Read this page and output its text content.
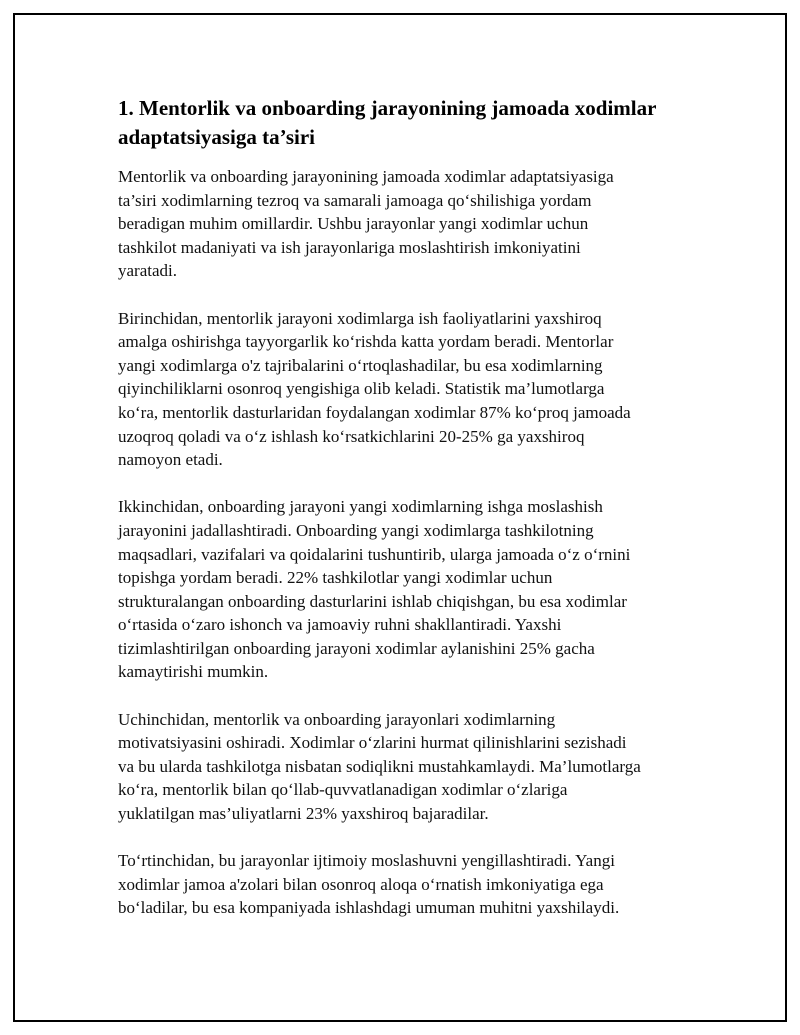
1. Mentorlik va onboarding jarayonining jamoada xodimlar
adaptatsiyasiga ta’siri

Mentorlik va onboarding jarayonining jamoada xodimlar adaptatsiyasiga
ta’siri xodimlarning tezroq va samarali jamoaga qo‘shilishiga yordam
beradigan muhim omillardir. Ushbu jarayonlar yangi xodimlar uchun
tashkilot madaniyati va ish jarayonlariga moslashtirish imkoniyatini
yaratadi.

Birinchidan, mentorlik jarayoni xodimlarga ish faoliyatlarini yaxshiroq
amalga oshirishga tayyorgarlik ko‘rishda katta yordam beradi. Mentorlar
yangi xodimlarga o'z tajribalarini o‘rtoqlashadilar, bu esa xodimlarning
qiyinchiliklarni osonroq yengishiga olib keladi. Statistik ma’lumotlarga
ko‘ra, mentorlik dasturlaridan foydalangan xodimlar 87% ko‘proq jamoada
uzoqroq qoladi va o‘z ishlash ko‘rsatkichlarini 20-25% ga yaxshiroq
namoyon etadi.

Ikkinchidan, onboarding jarayoni yangi xodimlarning ishga moslashish
jarayonini jadallashtiradi. Onboarding yangi xodimlarga tashkilotning
maqsadlari, vazifalari va qoidalarini tushuntirib, ularga jamoada o‘z o‘rnini
topishga yordam beradi. 22% tashkilotlar yangi xodimlar uchun
strukturalangan onboarding dasturlarini ishlab chiqishgan, bu esa xodimlar
o‘rtasida o‘zaro ishonch va jamoaviy ruhni shakllantiradi. Yaxshi
tizimlashtirilgan onboarding jarayoni xodimlar aylanishini 25% gacha
kamaytirishi mumkin.

Uchinchidan, mentorlik va onboarding jarayonlari xodimlarning
motivatsiyasini oshiradi. Xodimlar o‘zlarini hurmat qilinishlarini sezishadi
va bu ularda tashkilotga nisbatan sodiqlikni mustahkamlaydi. Ma’lumotlarga
ko‘ra, mentorlik bilan qo‘llab-quvvatlanadigan xodimlar o‘zlariga
yuklatilgan mas’uliyatlarni 23% yaxshiroq bajaradilar.

To‘rtinchidan, bu jarayonlar ijtimoiy moslashuvni yengillashtiradi. Yangi
xodimlar jamoa a'zolari bilan osonroq aloqa o‘rnatish imkoniyatiga ega
bo‘ladilar, bu esa kompaniyada ishlashdagi umuman muhitni yaxshilaydi.
